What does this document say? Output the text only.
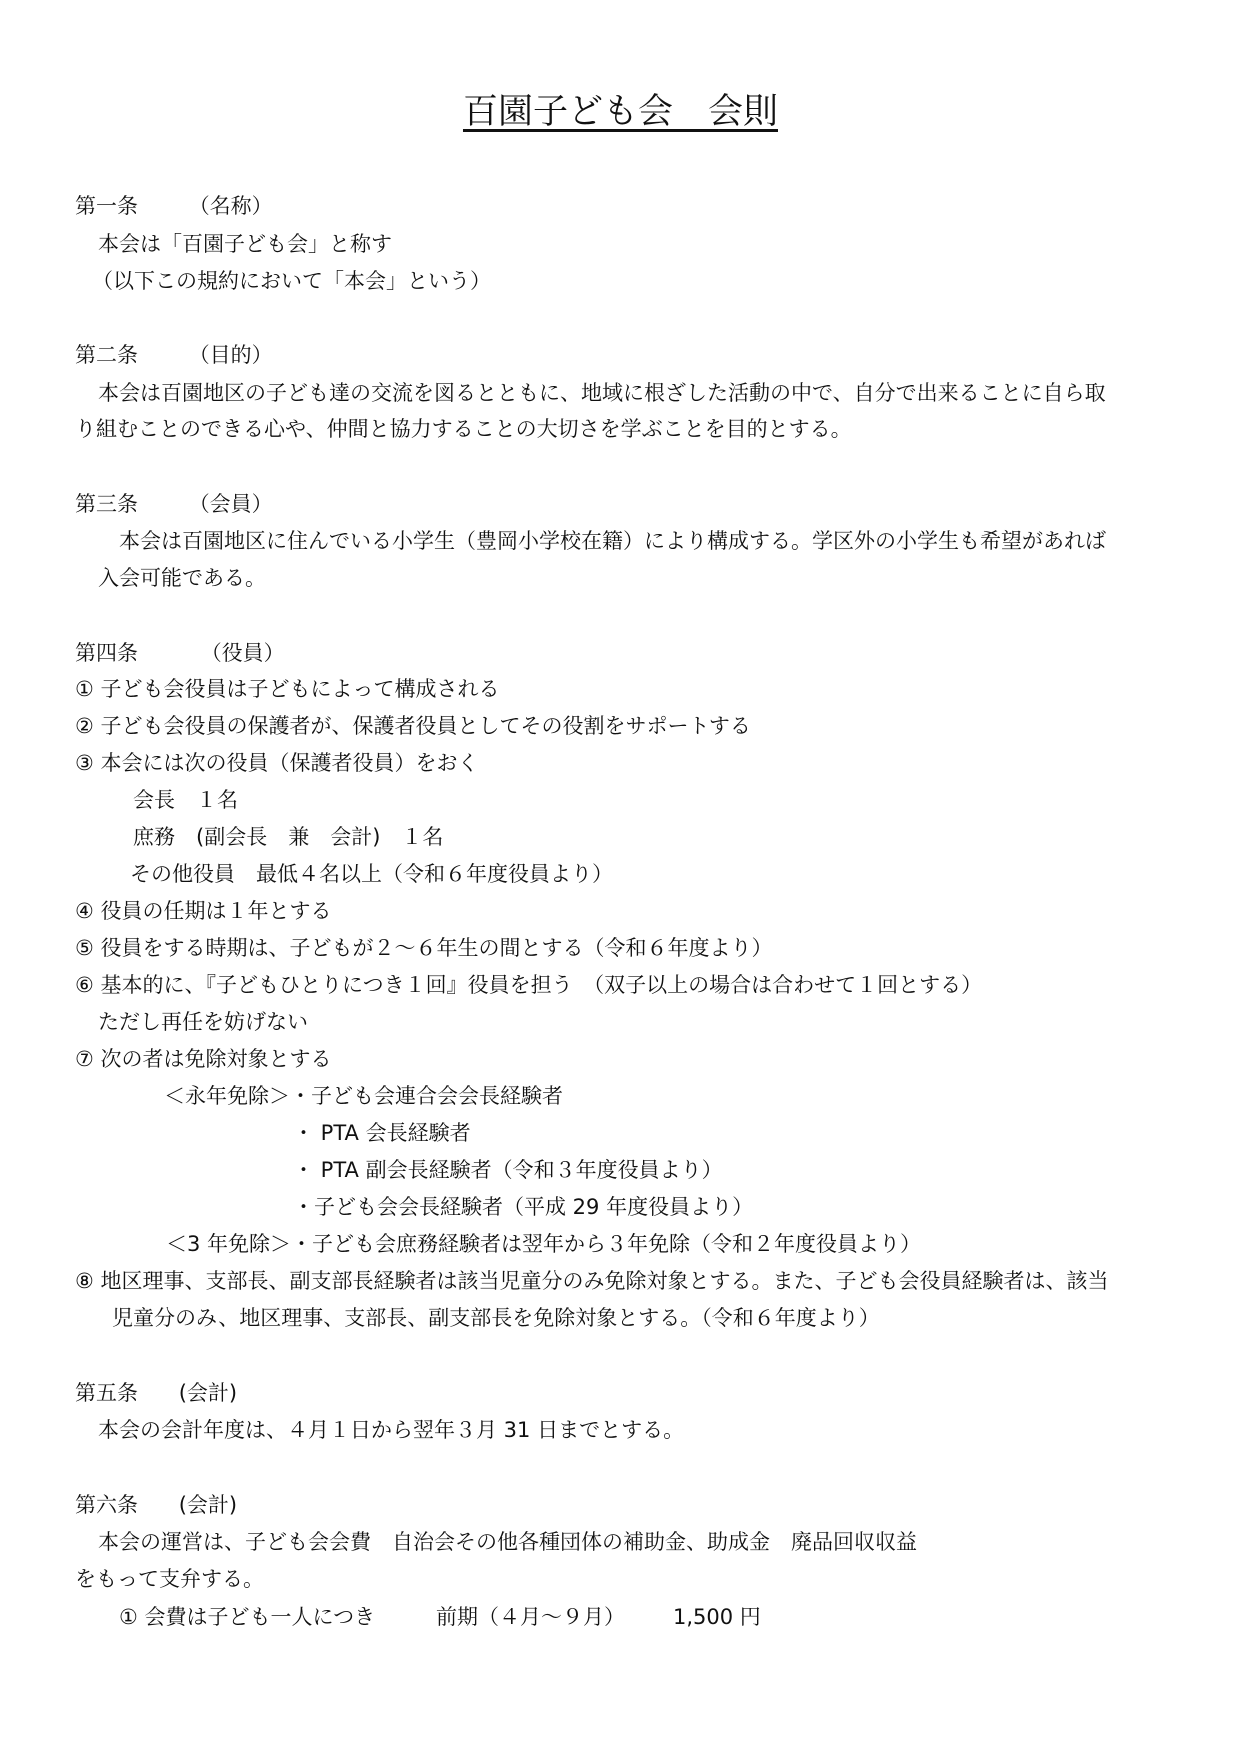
百園子ども会　会則
第一条 （名称）
本会は「百園子ども会」と称す
（以下この規約において「本会」という）
第二条 （目的）
本会は百園地区の子ども達の交流を図るとともに、地域に根ざした活動の中で、自分で出来ることに自ら取
り組むことのできる心や、仲間と協力することの大切さを学ぶことを目的とする。
第三条 （会員）
本会は百園地区に住んでいる小学生（豊岡小学校在籍）により構成する。学区外の小学生も希望があれば
入会可能である。
第四条	（役員）
① 子ども会役員は子どもによって構成される
② 子ども会役員の保護者が、保護者役員としてその役割をサポートする
③ 本会には次の役員（保護者役員）をおく
会長　１名
庶務　(副会長　兼　会計)　１名
その他役員　最低４名以上（令和６年度役員より）
④ 役員の任期は１年とする
⑤ 役員をする時期は、子どもが２～６年生の間とする（令和６年度より）
⑥ 基本的に、『子どもひとりにつき１回』役員を担う　（双子以上の場合は合わせて１回とする）
ただし再任を妨げない
⑦ 次の者は免除対象とする
＜永年免除＞・子ども会連合会会長経験者
・ PTA 会長経験者
・ PTA 副会長経験者（令和３年度役員より）
・子ども会会長経験者（平成 29 年度役員より）
＜3 年免除＞・子ども会庶務経験者は翌年から３年免除（令和２年度役員より）
⑧ 地区理事、支部長、副支部長経験者は該当児童分のみ免除対象とする。また、子ども会役員経験者は、該当
児童分のみ、地区理事、支部長、副支部長を免除対象とする。（令和６年度より）
第五条 (会計)
本会の会計年度は、４月１日から翌年３月 31 日までとする。
第六条 (会計)
本会の運営は、子ども会会費　自治会その他各種団体の補助金、助成金　廃品回収収益
をもって支弁する。
① 会費は子ども一人につき	前期（４月～９月） 1,500 円
